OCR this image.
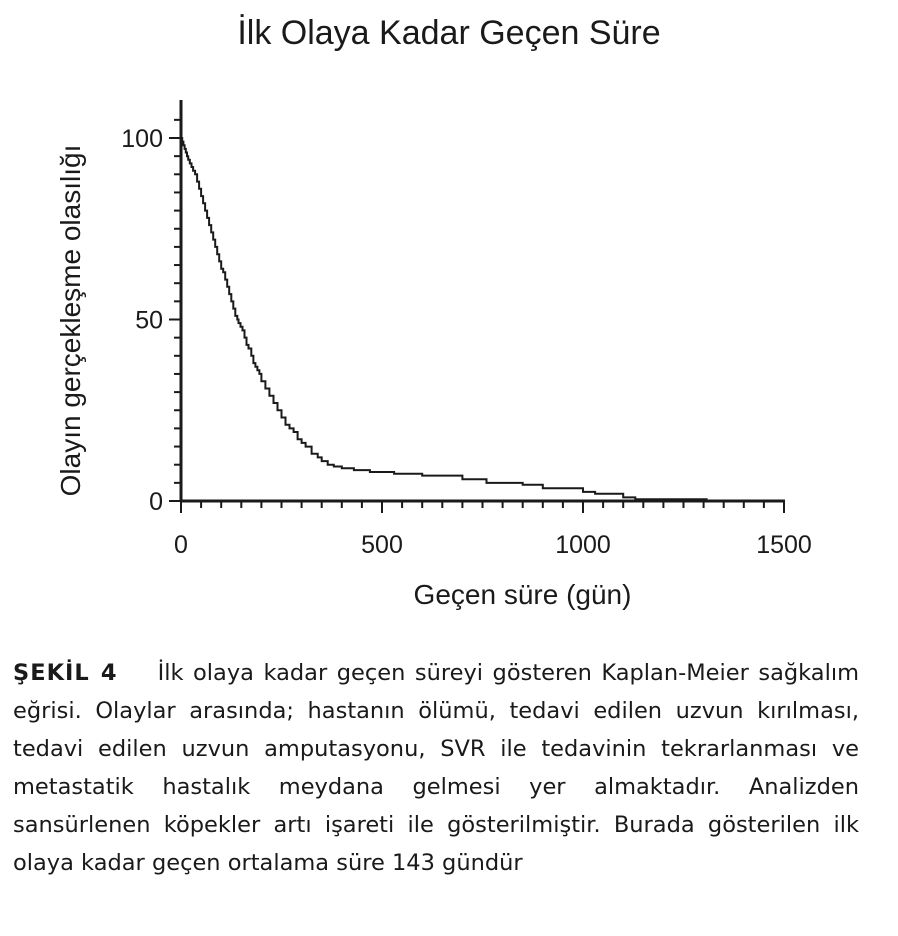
İlk Olaya Kadar Geçen Süre
0	500	1000	1500
0
50
100
Geçen süre (gün)
Olayın gerçekleşme olasılığı
ŞEKİL 4 İlk olaya kadar geçen süreyi gösteren Kaplan-Meier sağkalım eğrisi. Olaylar arasında; hastanın ölümü, tedavi edilen uzvun kırılması, tedavi edilen uzvun amputasyonu, SVR ile tedavinin tekrarlanması ve metastatik hastalık meydana gelmesi yer almaktadır. Analizden sansürlenen köpekler artı işareti ile gösterilmiştir. Burada gösterilen ilk olaya kadar geçen ortalama süre 143 gündür
